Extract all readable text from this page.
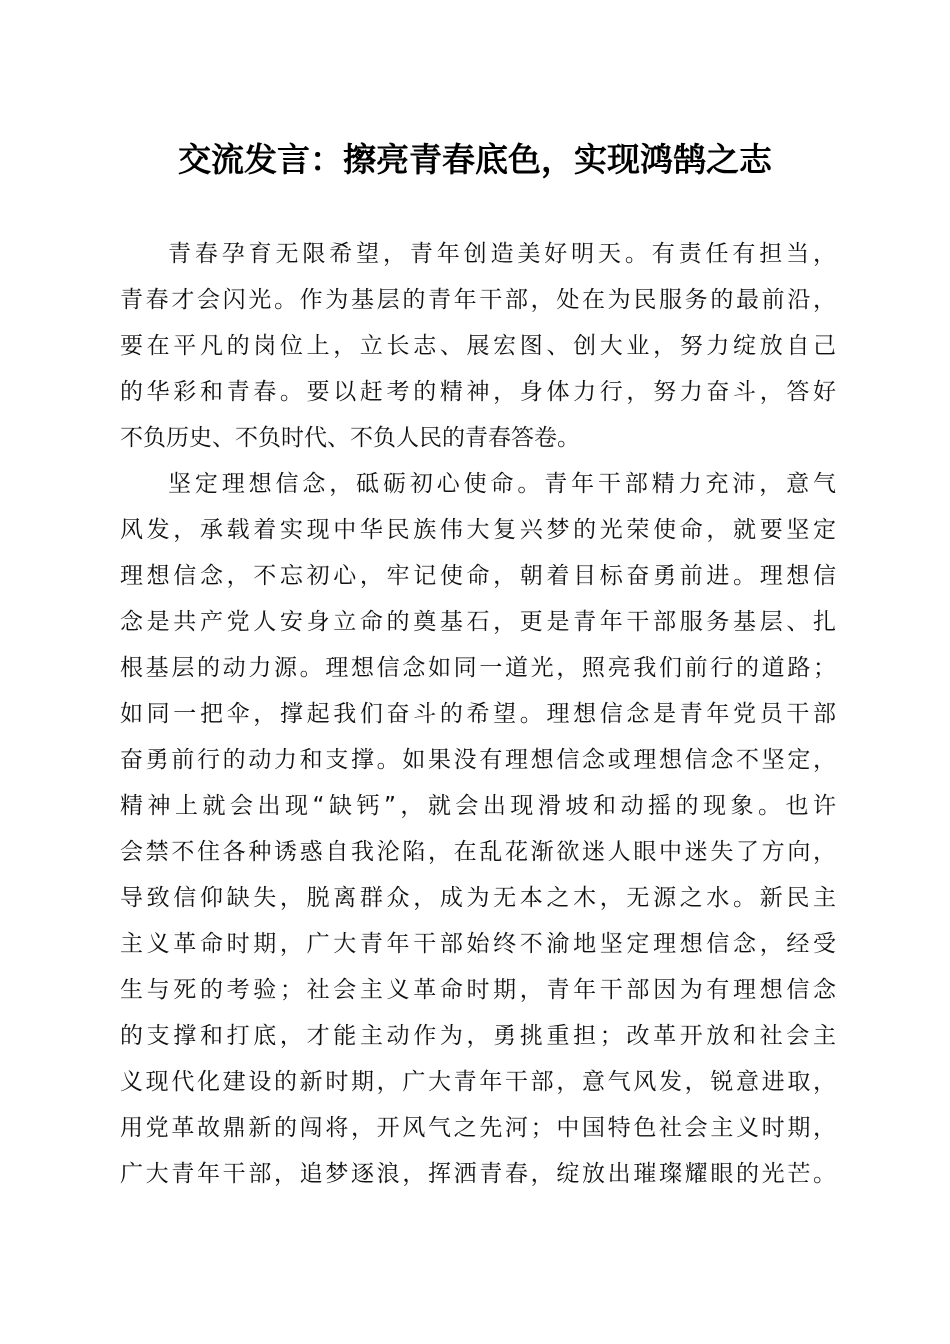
交流发言：擦亮青春底色，实现鸿鹄之志
青春孕育无限希望，青年创造美好明天。有责任有担当，
青春才会闪光。作为基层的青年干部，处在为民服务的最前沿，
要在平凡的岗位上，立长志、展宏图、创大业，努力绽放自己
的华彩和青春。要以赶考的精神，身体力行，努力奋斗，答好
不负历史、不负时代、不负人民的青春答卷。
坚定理想信念，砥砺初心使命。青年干部精力充沛，意气
风发，承载着实现中华民族伟大复兴梦的光荣使命，就要坚定
理想信念，不忘初心，牢记使命，朝着目标奋勇前进。理想信
念是共产党人安身立命的奠基石，更是青年干部服务基层、扎
根基层的动力源。理想信念如同一道光，照亮我们前行的道路；
如同一把伞，撑起我们奋斗的希望。理想信念是青年党员干部
奋勇前行的动力和支撑。如果没有理想信念或理想信念不坚定，
精神上就会出现“缺钙”，就会出现滑坡和动摇的现象。也许
会禁不住各种诱惑自我沦陷，在乱花渐欲迷人眼中迷失了方向，
导致信仰缺失，脱离群众，成为无本之木，无源之水。新民主
主义革命时期，广大青年干部始终不渝地坚定理想信念，经受
生与死的考验；社会主义革命时期，青年干部因为有理想信念
的支撑和打底，才能主动作为，勇挑重担；改革开放和社会主
义现代化建设的新时期，广大青年干部，意气风发，锐意进取，
用党革故鼎新的闯将，开风气之先河；中国特色社会主义时期，
广大青年干部，追梦逐浪，挥洒青春，绽放出璀璨耀眼的光芒。
